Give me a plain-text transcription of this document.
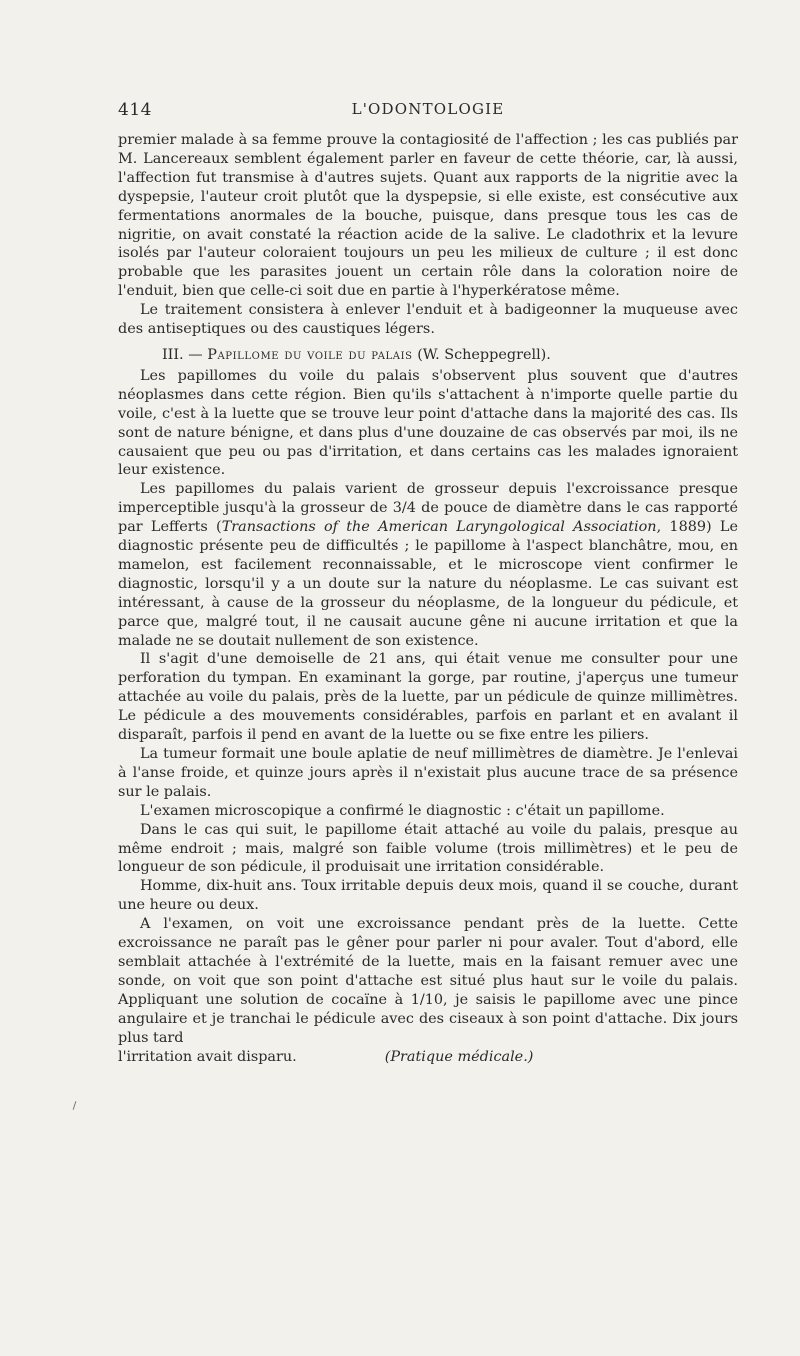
414	L'ODONTOLOGIE

premier malade à sa femme prouve la contagiosité de l'affection ; les cas publiés par M. Lancereaux semblent également parler en faveur de cette théorie, car, là aussi, l'affection fut transmise à d'autres sujets. Quant aux rapports de la nigritie avec la dyspepsie, l'auteur croit plutôt que la dyspepsie, si elle existe, est consécutive aux fermentations anormales de la bouche, puisque, dans presque tous les cas de nigritie, on avait constaté la réaction acide de la salive. Le cladothrix et la levure isolés par l'auteur coloraient toujours un peu les milieux de culture ; il est donc probable que les parasites jouent un certain rôle dans la coloration noire de l'enduit, bien que celle-ci soit due en partie à l'hyperkératose même.

Le traitement consistera à enlever l'enduit et à badigeonner la muqueuse avec des antiseptiques ou des caustiques légers.

III. — Papillome du voile du palais (W. Scheppegrell).

Les papillomes du voile du palais s'observent plus souvent que d'autres néoplasmes dans cette région. Bien qu'ils s'attachent à n'importe quelle partie du voile, c'est à la luette que se trouve leur point d'attache dans la majorité des cas. Ils sont de nature bénigne, et dans plus d'une douzaine de cas observés par moi, ils ne causaient que peu ou pas d'irritation, et dans certains cas les malades ignoraient leur existence.

Les papillomes du palais varient de grosseur depuis l'excroissance presque imperceptible jusqu'à la grosseur de 3/4 de pouce de diamètre dans le cas rapporté par Lefferts (Transactions of the American Laryngological Association, 1889) Le diagnostic présente peu de difficultés ; le papillome à l'aspect blanchâtre, mou, en mamelon, est facilement reconnaissable, et le microscope vient confirmer le diagnostic, lorsqu'il y a un doute sur la nature du néoplasme. Le cas suivant est intéressant, à cause de la grosseur du néoplasme, de la longueur du pédicule, et parce que, malgré tout, il ne causait aucune gêne ni aucune irritation et que la malade ne se doutait nullement de son existence.

Il s'agit d'une demoiselle de 21 ans, qui était venue me consulter pour une perforation du tympan. En examinant la gorge, par routine, j'aperçus une tumeur attachée au voile du palais, près de la luette, par un pédicule de quinze millimètres. Le pédicule a des mouvements considérables, parfois en parlant et en avalant il disparaît, parfois il pend en avant de la luette ou se fixe entre les piliers.

La tumeur formait une boule aplatie de neuf millimètres de diamètre. Je l'enlevai à l'anse froide, et quinze jours après il n'existait plus aucune trace de sa présence sur le palais.

L'examen microscopique a confirmé le diagnostic : c'était un papillome.

Dans le cas qui suit, le papillome était attaché au voile du palais, presque au même endroit ; mais, malgré son faible volume (trois millimètres) et le peu de longueur de son pédicule, il produisait une irritation considérable.

Homme, dix-huit ans. Toux irritable depuis deux mois, quand il se couche, durant une heure ou deux.

A l'examen, on voit une excroissance pendant près de la luette. Cette excroissance ne paraît pas le gêner pour parler ni pour avaler. Tout d'abord, elle semblait attachée à l'extrémité de la luette, mais en la faisant remuer avec une sonde, on voit que son point d'attache est situé plus haut sur le voile du palais. Appliquant une solution de cocaïne à 1/10, je saisis le papillome avec une pince angulaire et je tranchai le pédicule avec des ciseaux à son point d'attache. Dix jours plus tard

l'irritation avait disparu.	(Pratique médicale.)
